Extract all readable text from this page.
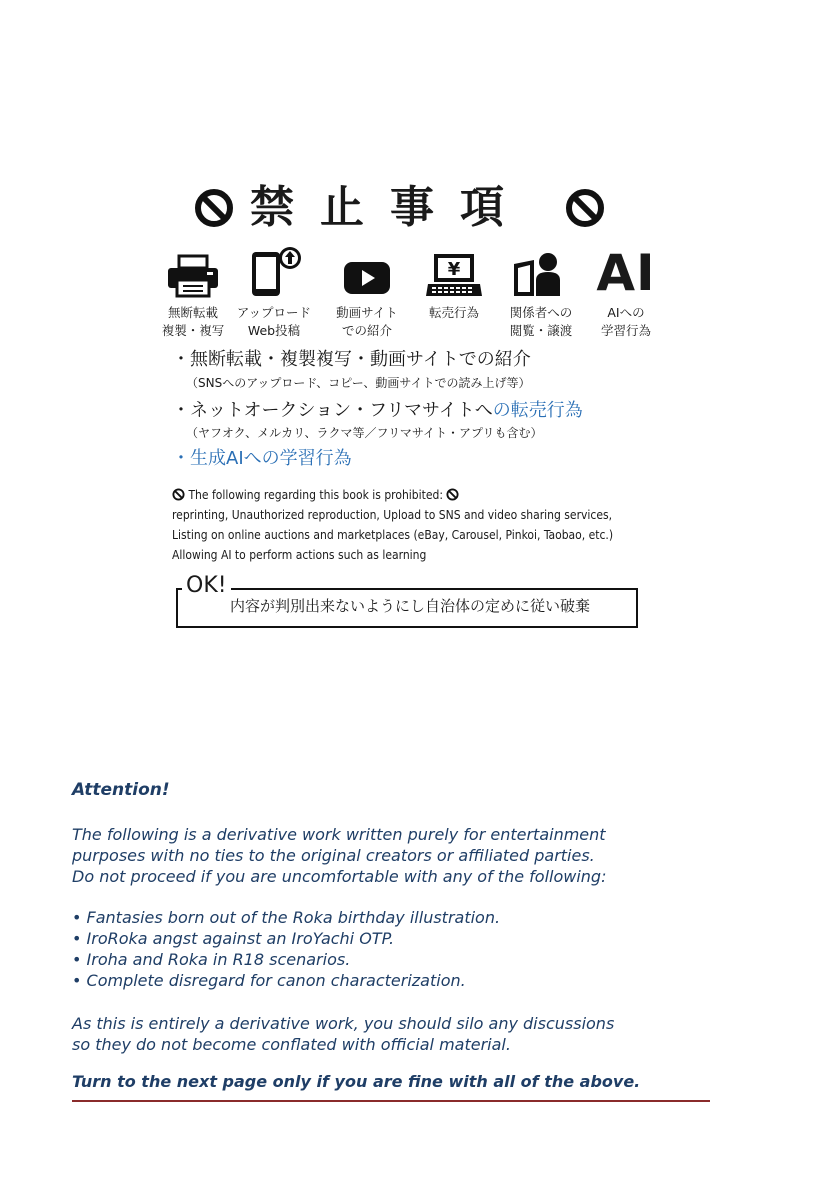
禁止事項
無断転載
複製・複写
アップロード
Web投稿
動画サイト
での紹介
¥
転売行為	関係者への
閲覧・譲渡
AI
AIへの
学習行為
・無断転載・複製複写・動画サイトでの紹介
（SNSへのアップロード、コピー、動画サイトでの読み上げ等）
・ネットオークション・フリマサイトへの転売行為
（ヤフオク、メルカリ、ラクマ等／フリマサイト・アプリも含む）
・生成AIへの学習行為
The following regarding this book is prohibited:
reprinting, Unauthorized reproduction, Upload to SNS and video sharing services,
Listing on online auctions and marketplaces (eBay, Carousel, Pinkoi, Taobao, etc.)
Allowing AI to perform actions such as learning
OK!
内容が判別出来ないようにし自治体の定めに従い破棄
Attention!
The following is a derivative work written purely for entertainment
purposes with no ties to the original creators or affiliated parties.
Do not proceed if you are uncomfortable with any of the following:
• Fantasies born out of the Roka birthday illustration.
• IroRoka angst against an IroYachi OTP.
• Iroha and Roka in R18 scenarios.
• Complete disregard for canon characterization.
As this is entirely a derivative work, you should silo any discussions
so they do not become conflated with official material.
Turn to the next page only if you are fine with all of the above.
